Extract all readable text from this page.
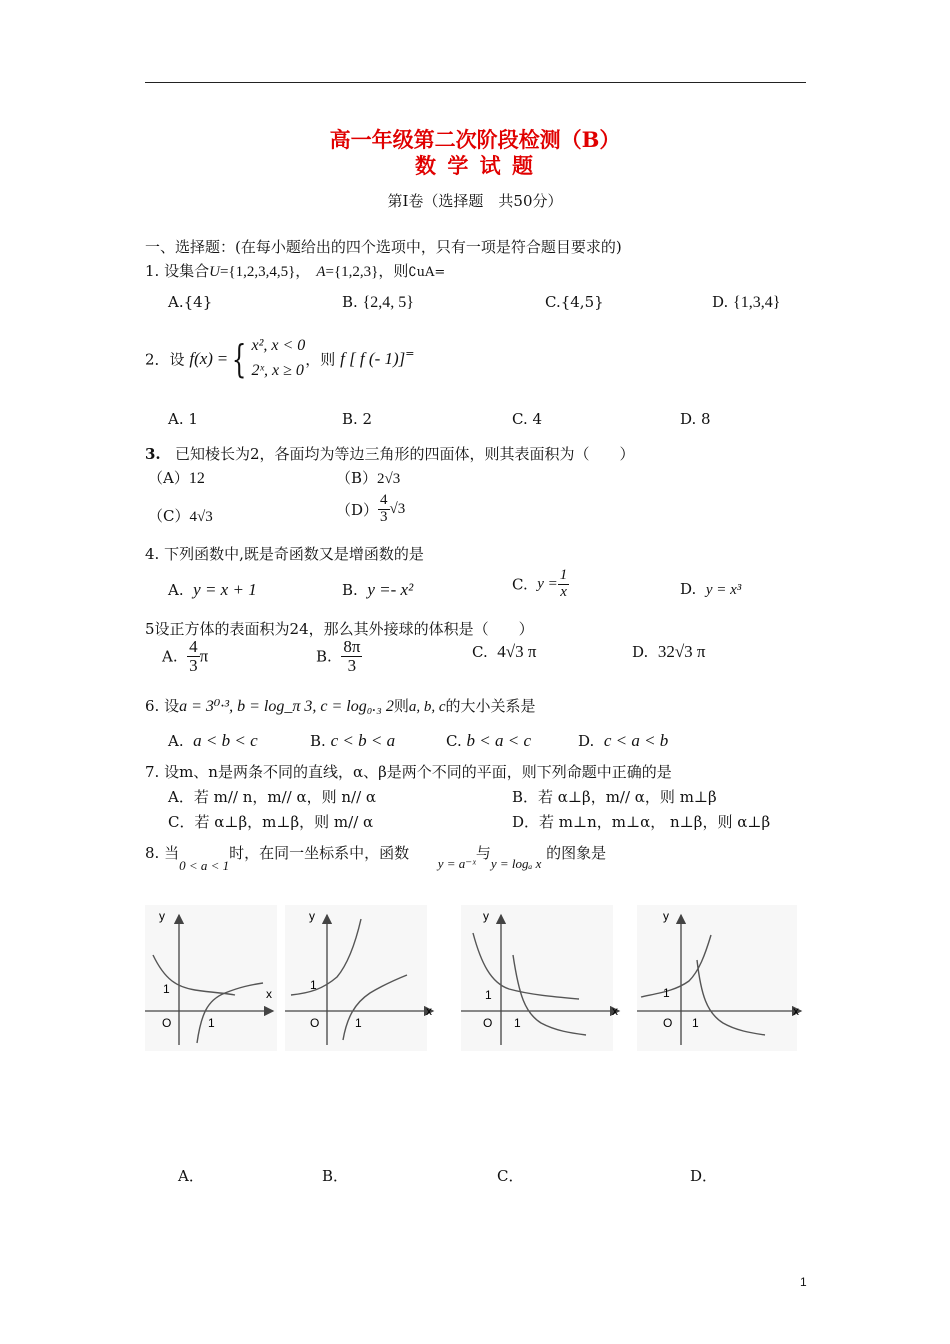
高一年级第二次阶段检测（B）
数 学 试 题
第Ⅰ卷（选择题　共50分）
一、选择题：(在每小题给出的四个选项中，只有一项是符合题目要求的)
1. 设集合U={1,2,3,4,5}， A={1,2,3}，则∁uA=
A.{4}	B. {2,4, 5}	C.{4,5}	D. {1,3,4}
2．设 f(x) = { x², x < 0
2ˣ, x ≥ 0
，则 f [ f (- 1)]=
A. 1	B. 2	C. 4	D. 8
3. 已知棱长为2，各面均为等边三角形的四面体，则其表面积为（　　）
（A）12	（B）2√3
（C）4√3	$(D) \frac{4}{3} √3$
4. 下列函数中,既是奇函数又是增函数的是
A. y = x + 1	B. y =- x²	C. $y = \frac{1}{x}$	D. y = x³
5设正方体的表面积为24，那么其外接球的体积是（　　）
A. $\frac{4}{3}$ π	B. $\frac{8\pi}{3}$	C. 4√3 π	D. 32√3 π
6. 设a = 3⁰·³, b = log_π 3, c = log₀.₃ 2则a, b, c的大小关系是
A. a < b < c	B. c < b < a	C. b < a < c	D. c < a < b
7. 设m、n是两条不同的直线，α、β是两个不同的平面，则下列命题中正确的是
A．若 m// n，m// α，则 n// α	B．若 α⊥β，m// α，则 m⊥β
C．若 α⊥β，m⊥β，则 m// α	D．若 m⊥n，m⊥α， n⊥β，则 α⊥β
8. 当0 < a < 1时，在同一坐标系中，函数      y = a⁻ˣ与y = logₐ x 的图象是
y
x
1
O	1
y
x
1
O	1
y
x
1
O 1
y
x
1
O 1
A．	B．	C．	D．
1
